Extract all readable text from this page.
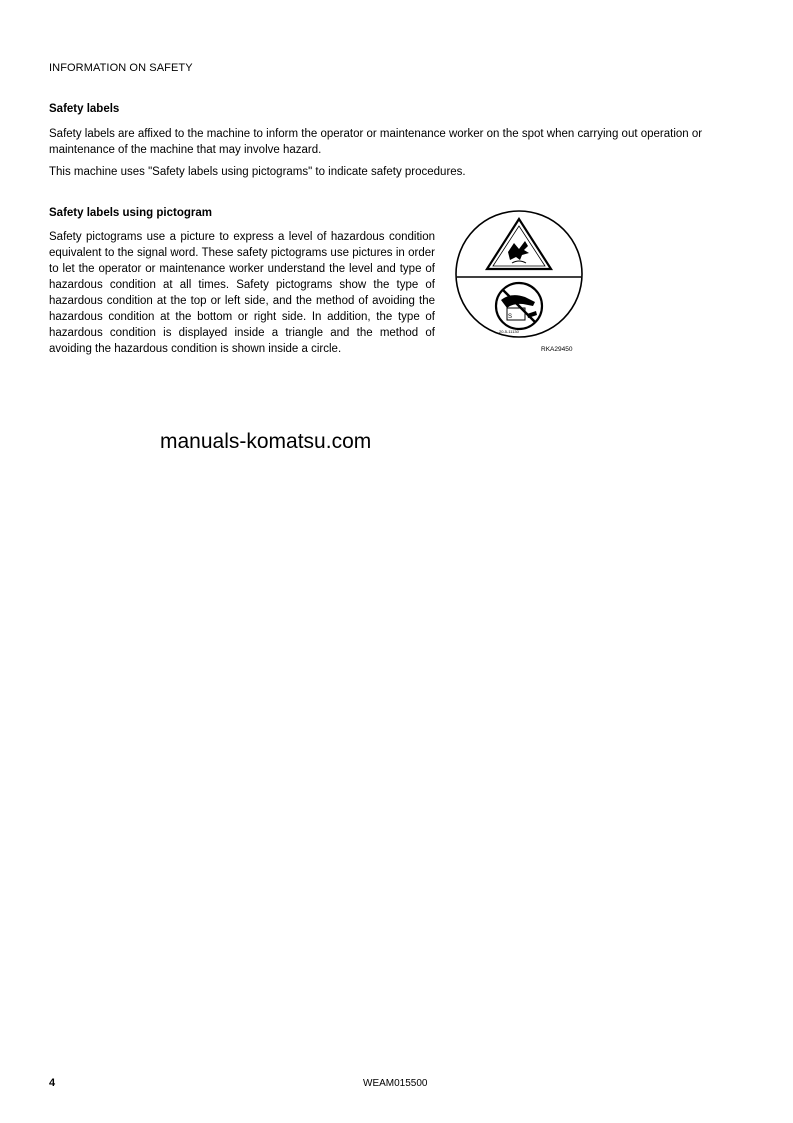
INFORMATION ON SAFETY
Safety labels

Safety labels are affixed to the machine to inform the operator or maintenance worker on the spot when carrying out operation or maintenance of the machine that may involve hazard.

This machine uses "Safety labels using pictograms" to indicate safety procedures.

Safety labels using pictogram

Safety pictograms use a picture to express a level of hazardous condition equivalent to the signal word. These safety pictograms use pictures in order to let the operator or maintenance worker understand the level and type of hazardous condition at all times. Safety pictograms show the type of hazardous condition at the top or left side, and the method of avoiding the hazardous condition at the bottom or right side. In addition, the type of hazardous condition is displayed inside a triangle and the method of avoiding the hazardous condition is shown inside a circle.

S
20-5-11130
RKA29450
manuals-komatsu.com
4	WEAM015500
